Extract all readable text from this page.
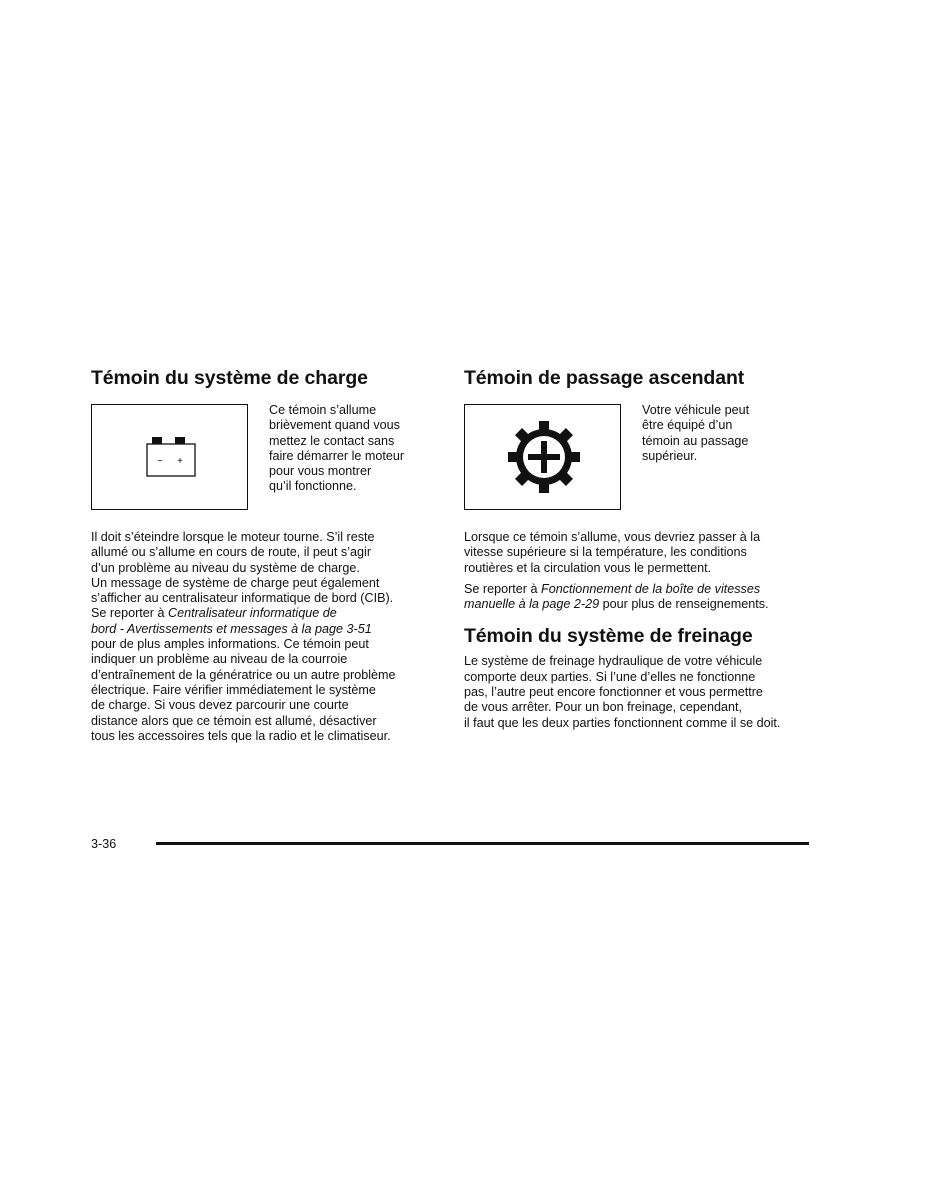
Témoin du système de charge
− +
Ce témoin s’allume
brièvement quand vous
mettez le contact sans
faire démarrer le moteur
pour vous montrer
qu’il fonctionne.

Il doit s’éteindre lorsque le moteur tourne. S’il reste
allumé ou s’allume en cours de route, il peut s’agir
d’un problème au niveau du système de charge.
Un message de système de charge peut également
s’afficher au centralisateur informatique de bord (CIB).
Se reporter à Centralisateur informatique de
bord - Avertissements et messages à la page 3-51
pour de plus amples informations. Ce témoin peut
indiquer un problème au niveau de la courroie
d’entraînement de la génératrice ou un autre problème
électrique. Faire vérifier immédiatement le système
de charge. Si vous devez parcourir une courte
distance alors que ce témoin est allumé, désactiver
tous les accessoires tels que la radio et le climatiseur.

Témoin de passage ascendant
Votre véhicule peut
être équipé d’un
témoin au passage
supérieur.

Lorsque ce témoin s’allume, vous devriez passer à la
vitesse supérieure si la température, les conditions
routières et la circulation vous le permettent.

Se reporter à Fonctionnement de la boîte de vitesses
manuelle à la page 2-29 pour plus de renseignements.

Témoin du système de freinage

Le système de freinage hydraulique de votre véhicule
comporte deux parties. Si l’une d’elles ne fonctionne
pas, l’autre peut encore fonctionner et vous permettre
de vous arrêter. Pour un bon freinage, cependant,
il faut que les deux parties fonctionnent comme il se doit.

3-36
